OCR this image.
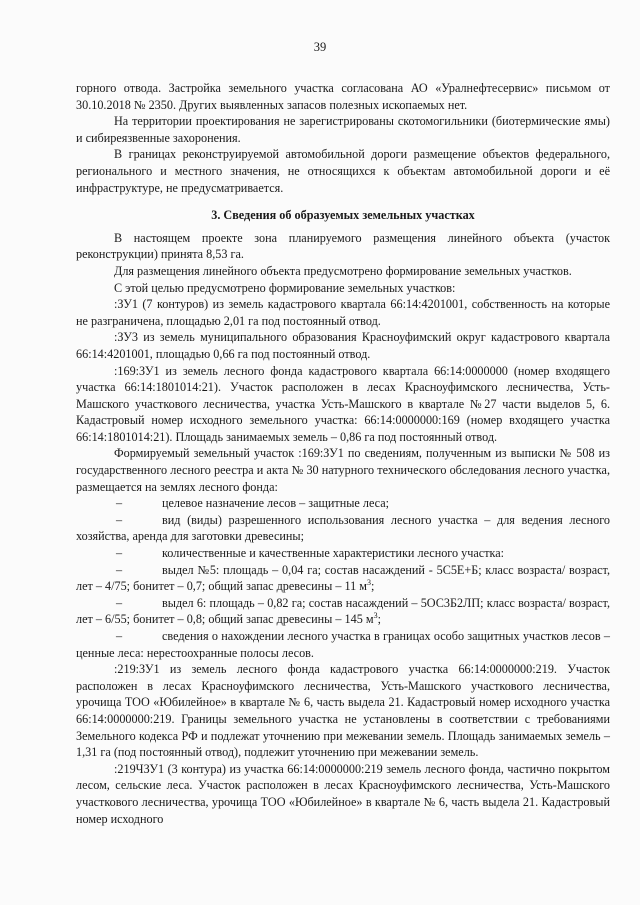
39

горного отвода. Застройка земельного участка согласована АО «Уралнефтесервис» письмом от 30.10.2018 № 2350. Других выявленных запасов полезных ископаемых нет.

На территории проектирования не зарегистрированы скотомогильники (биотермические ямы) и сибиреязвенные захоронения.

В границах реконструируемой автомобильной дороги размещение объектов федерального, регионального и местного значения, не относящихся к объектам автомобильной дороги и её инфраструктуре, не предусматривается.

3. Сведения об образуемых земельных участках

В настоящем проекте зона планируемого размещения линейного объекта (участок реконструкции) принята 8,53 га.

Для размещения линейного объекта предусмотрено формирование земельных участков.

С этой целью предусмотрено формирование земельных участков:

:ЗУ1 (7 контуров) из земель кадастрового квартала 66:14:4201001, собственность на которые не разграничена, площадью 2,01 га под постоянный отвод.

:ЗУ3 из земель муниципального образования Красноуфимский округ кадастрового квартала 66:14:4201001, площадью 0,66 га под постоянный отвод.

:169:ЗУ1 из земель лесного фонда кадастрового квартала 66:14:0000000 (номер входящего участка 66:14:1801014:21). Участок расположен в лесах Красноуфимского лесничества, Усть-Машского участкового лесничества, участка Усть-Машского в квартале №27 части выделов 5, 6. Кадастровый номер исходного земельного участка: 66:14:0000000:169 (номер входящего участка 66:14:1801014:21). Площадь занимаемых земель – 0,86 га под постоянный отвод.

Формируемый земельный участок :169:ЗУ1 по сведениям, полученным из выписки № 508 из государственного лесного реестра и акта № 30 натурного технического обследования лесного участка, размещается на землях лесного фонда:

–	целевое назначение лесов – защитные леса;

–	вид (виды) разрешенного использования лесного участка – для ведения лесного хозяйства, аренда для заготовки древесины;

–	количественные и качественные характеристики лесного участка:

–	выдел №5: площадь – 0,04 га; состав насаждений - 5С5Е+Б; класс возраста/ возраст, лет – 4/75; бонитет – 0,7; общий запас древесины – 11 $м^3$;

–	выдел 6: площадь – 0,82 га; состав насаждений – 5ОС3Б2ЛП; класс возраста/ возраст, лет – 6/55; бонитет – 0,8; общий запас древесины – 145 $м^3$;

–	сведения о нахождении лесного участка в границах особо защитных участков лесов – ценные леса: нерестоохранные полосы лесов.

:219:ЗУ1 из земель лесного фонда кадастрового участка 66:14:0000000:219. Участок расположен в лесах Красноуфимского лесничества, Усть-Машского участкового лесничества, урочища ТОО «Юбилейное» в квартале № 6, часть выдела 21. Кадастровый номер исходного участка 66:14:0000000:219. Границы земельного участка не установлены в соответствии с требованиями Земельного кодекса РФ и подлежат уточнению при межевании земель. Площадь занимаемых земель – 1,31 га (под постоянный отвод), подлежит уточнению при межевании земель.

:219ЧЗУ1 (3 контура) из участка 66:14:0000000:219 земель лесного фонда, частично покрытом лесом, сельские леса. Участок расположен в лесах Красноуфимского лесничества, Усть-Машского участкового лесничества, урочища ТОО «Юбилейное» в квартале № 6, часть выдела 21. Кадастровый номер исходного
